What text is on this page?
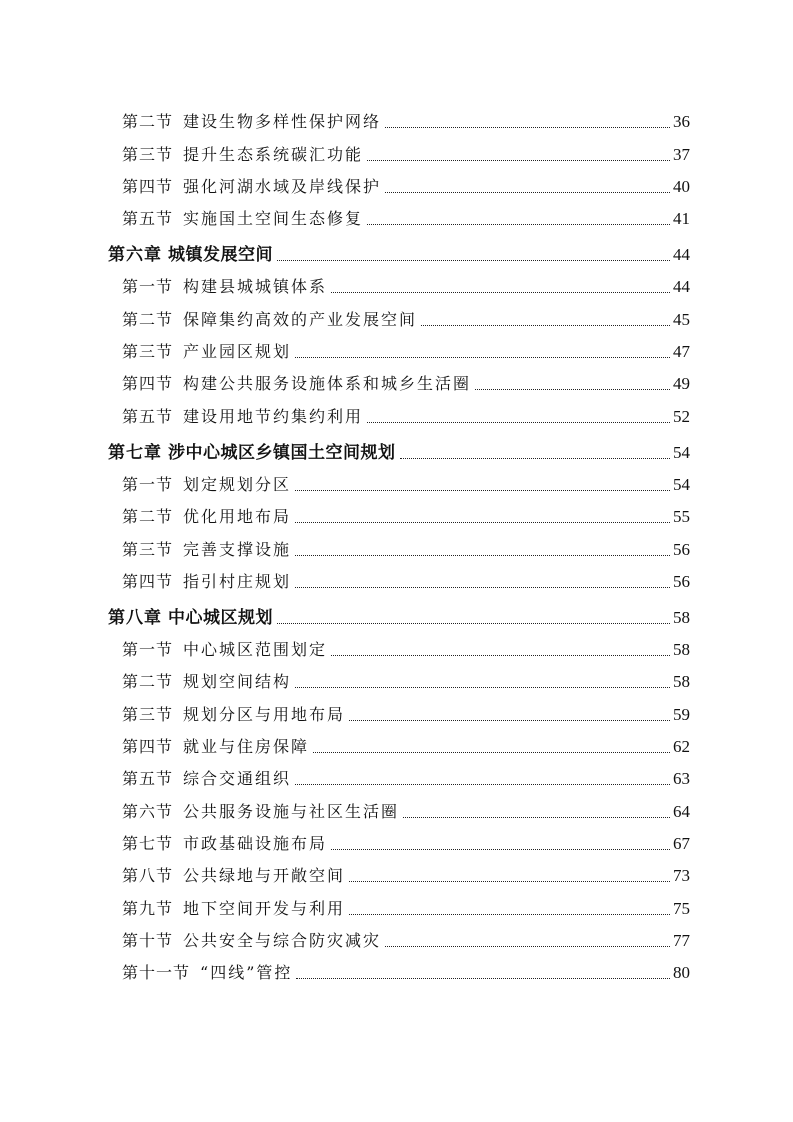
第二节 建设生物多样性保护网络	36
第三节 提升生态系统碳汇功能	37
第四节 强化河湖水域及岸线保护	40
第五节 实施国土空间生态修复	41
第六章 城镇发展空间	44
第一节 构建县城城镇体系	44
第二节 保障集约高效的产业发展空间	45
第三节 产业园区规划	47
第四节 构建公共服务设施体系和城乡生活圈	49
第五节 建设用地节约集约利用	52
第七章 涉中心城区乡镇国土空间规划	54
第一节 划定规划分区	54
第二节 优化用地布局	55
第三节 完善支撑设施	56
第四节 指引村庄规划	56
第八章 中心城区规划	58
第一节 中心城区范围划定	58
第二节 规划空间结构	58
第三节 规划分区与用地布局	59
第四节 就业与住房保障	62
第五节 综合交通组织	63
第六节 公共服务设施与社区生活圈	64
第七节 市政基础设施布局	67
第八节 公共绿地与开敞空间	73
第九节 地下空间开发与利用	75
第十节 公共安全与综合防灾减灾	77
第十一节 “四线”管控	80
